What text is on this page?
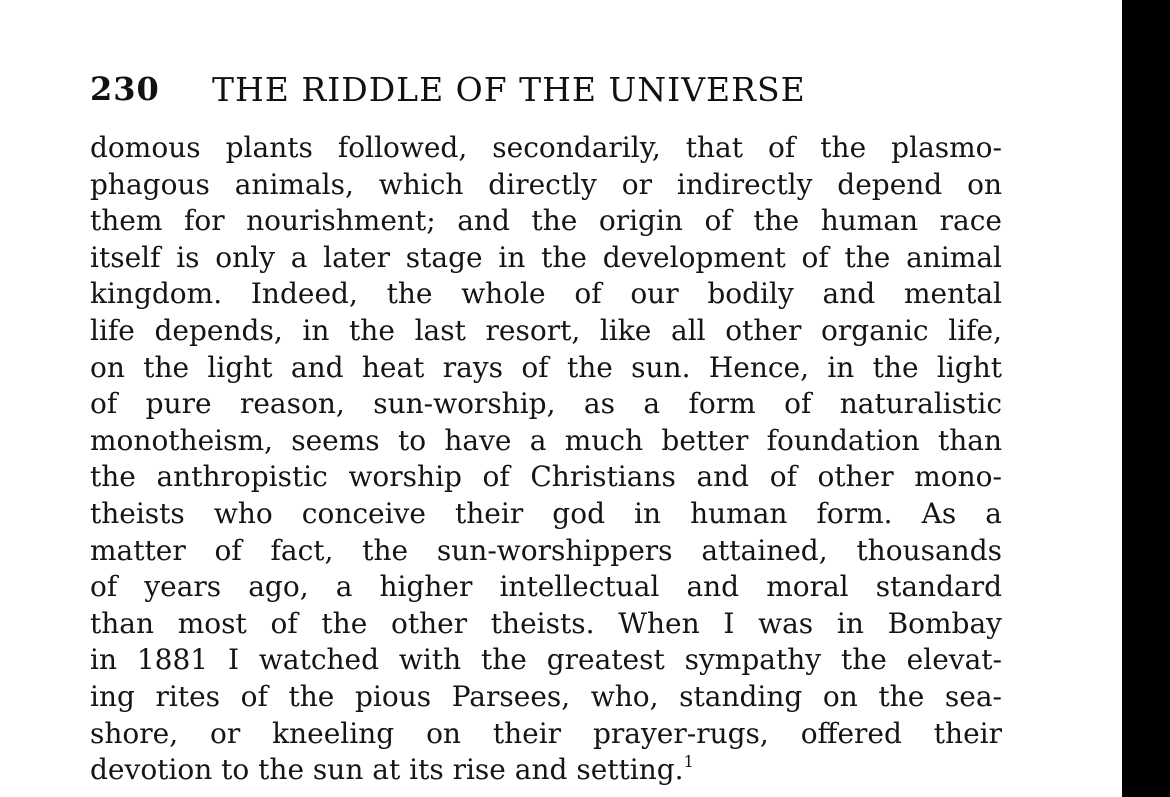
230 THE RIDDLE OF THE UNIVERSE
domous plants followed, secondarily, that of the plasmo-
phagous animals, which directly or indirectly depend on
them for nourishment; and the origin of the human race
itself is only a later stage in the development of the animal
kingdom. Indeed, the whole of our bodily and mental
life depends, in the last resort, like all other organic life,
on the light and heat rays of the sun. Hence, in the light
of pure reason, sun-worship, as a form of naturalistic
monotheism, seems to have a much better foundation than
the anthropistic worship of Christians and of other mono-
theists who conceive their god in human form. As a
matter of fact, the sun-worshippers attained, thousands
of years ago, a higher intellectual and moral standard
than most of the other theists. When I was in Bombay
in 1881 I watched with the greatest sympathy the elevat-
ing rites of the pious Parsees, who, standing on the sea-
shore, or kneeling on their prayer-rugs, offered their
devotion to the sun at its rise and setting.$^1$
